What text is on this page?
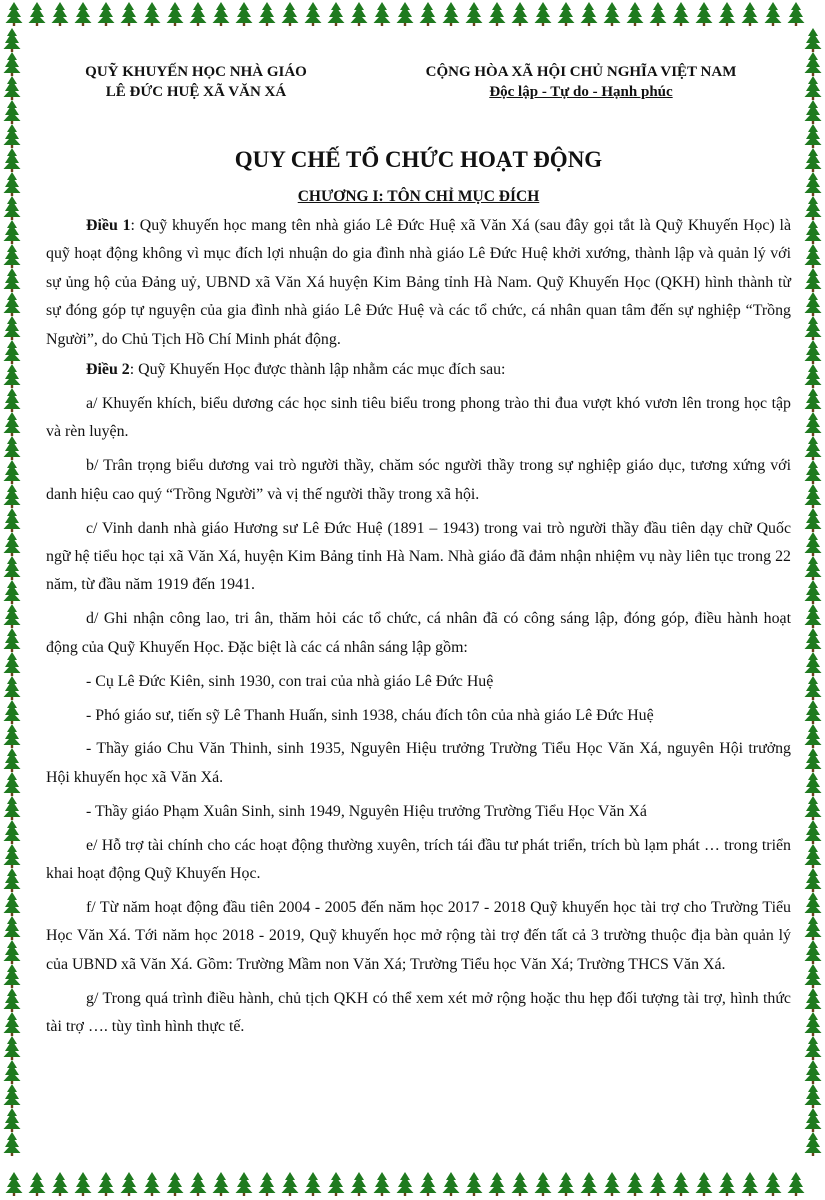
QUỸ KHUYẾN HỌC NHÀ GIÁO
LÊ ĐỨC HUỆ XÃ VĂN XÁ
CỘNG HÒA XÃ HỘI CHỦ NGHĨA VIỆT NAM
Độc lập - Tự do - Hạnh phúc
QUY CHẾ TỔ CHỨC HOẠT ĐỘNG
CHƯƠNG I: TÔN CHỈ MỤC ĐÍCH

Điều 1: Quỹ khuyến học mang tên nhà giáo Lê Đức Huệ xã Văn Xá (sau đây gọi tắt là Quỹ Khuyến Học) là quỹ hoạt động không vì mục đích lợi nhuận do gia đình nhà giáo Lê Đức Huệ khởi xướng, thành lập và quản lý với sự ủng hộ của Đảng uỷ, UBND xã Văn Xá huyện Kim Bảng tỉnh Hà Nam. Quỹ Khuyến Học (QKH) hình thành từ sự đóng góp tự nguyện của gia đình nhà giáo Lê Đức Huệ và các tổ chức, cá nhân quan tâm đến sự nghiệp “Trồng Người”, do Chủ Tịch Hồ Chí Minh phát động.

Điều 2: Quỹ Khuyến Học được thành lập nhằm các mục đích sau:

a/ Khuyến khích, biểu dương các học sinh tiêu biểu trong phong trào thi đua vượt khó vươn lên trong học tập và rèn luyện.

b/ Trân trọng biểu dương vai trò người thầy, chăm sóc người thầy trong sự nghiệp giáo dục, tương xứng với danh hiệu cao quý “Trồng Người” và vị thế người thầy trong xã hội.

c/ Vinh danh nhà giáo Hương sư Lê Đức Huệ (1891 – 1943) trong vai trò người thầy đầu tiên dạy chữ Quốc ngữ hệ tiểu học tại xã Văn Xá, huyện Kim Bảng tỉnh Hà Nam. Nhà giáo đã đảm nhận nhiệm vụ này liên tục trong 22 năm, từ đầu năm 1919 đến 1941.

d/ Ghi nhận công lao, tri ân, thăm hỏi các tổ chức, cá nhân đã có công sáng lập, đóng góp, điều hành hoạt động của Quỹ Khuyến Học. Đặc biệt là các cá nhân sáng lập gồm:

- Cụ Lê Đức Kiên, sinh 1930, con trai của nhà giáo Lê Đức Huệ

- Phó giáo sư, tiến sỹ Lê Thanh Huấn, sinh 1938, cháu đích tôn của nhà giáo Lê Đức Huệ

- Thầy giáo Chu Văn Thinh, sinh 1935, Nguyên Hiệu trưởng Trường Tiểu Học Văn Xá, nguyên Hội trưởng Hội khuyến học xã Văn Xá.

- Thầy giáo Phạm Xuân Sinh, sinh 1949, Nguyên Hiệu trưởng Trường Tiểu Học Văn Xá

e/ Hỗ trợ tài chính cho các hoạt động thường xuyên, trích tái đầu tư phát triển, trích bù lạm phát … trong triển khai hoạt động Quỹ Khuyến Học.

f/ Từ năm hoạt động đầu tiên 2004 - 2005 đến năm học 2017 - 2018 Quỹ khuyến học tài trợ cho Trường Tiểu Học Văn Xá. Tới năm học 2018 - 2019, Quỹ khuyến học mở rộng tài trợ đến tất cả 3 trường thuộc địa bàn quản lý của UBND xã Văn Xá. Gồm: Trường Mầm non Văn Xá; Trường Tiểu học Văn Xá; Trường THCS Văn Xá.

g/ Trong quá trình điều hành, chủ tịch QKH có thể xem xét mở rộng hoặc thu hẹp đối tượng tài trợ, hình thức tài trợ …. tùy tình hình thực tế.
